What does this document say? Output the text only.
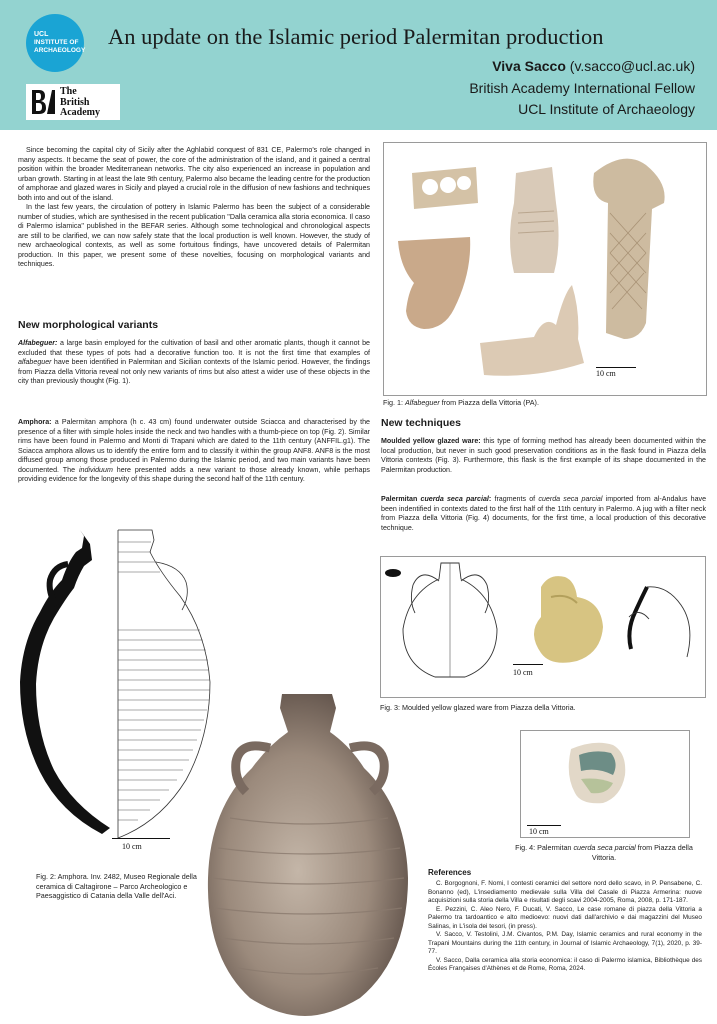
UCL
INSTITUTE OF ARCHAEOLOGY
The
British
Academy
An update on the Islamic period Palermitan production
Viva Sacco (v.sacco@ucl.ac.uk)
British Academy International Fellow
UCL Institute of Archaeology

Since becoming the capital city of Sicily after the Aghlabid conquest of 831 CE, Palermo's role changed in many aspects. It became the seat of power, the core of the administration of the island, and it gained a central position within the broader Mediterranean networks. The city also experienced an increase in population and urban growth. Starting in at least the late 9th century, Palermo also became the leading centre for the production of amphorae and glazed wares in Sicily and played a crucial role in the diffusion of new fashions and techniques both into and out of the island.

In the last few years, the circulation of pottery in Islamic Palermo has been the subject of a considerable number of studies, which are synthesised in the recent publication "Dalla ceramica alla storia economica. Il caso di Palermo islamica" published in the BEFAR series. Although some technological and chronological aspects are still to be clarified, we can now safely state that the local production is well known. However, the study of new archaeological contexts, as well as some fortuitous findings, have uncovered details of Palermitan production. In this paper, we present some of these novelties, focusing on morphological variants and techniques.

New morphological variants

Alfabeguer: a large basin employed for the cultivation of basil and other aromatic plants, though it cannot be excluded that these types of pots had a decorative function too. It is not the first time that examples of alfabeguer have been identified in Palermitan and Sicilian contexts of the Islamic period. However, the findings from Piazza della Vittoria reveal not only new variants of rims but also attest a wider use of these objects in the city than previously thought (Fig. 1).

Amphora: a Palermitan amphora (h c. 43 cm) found underwater outside Sciacca and characterised by the presence of a filter with simple holes inside the neck and two handles with a thumb-piece on top (Fig. 2). Similar rims have been found in Palermo and Monti di Trapani which are dated to the 11th century (ANFFIL.g1). The Sciacca amphora allows us to identify the entire form and to classify it within the group ANF8. ANF8 is the most diffused group among those produced in Palermo during the Islamic period, and two main variants have been documented. The individuum here presented adds a new variant to those already known, while perhaps providing evidence for the longevity of this shape during the second half of the 11th century.

10 cm
Fig. 2: Amphora. Inv. 2482, Museo Regionale della ceramica di Caltagirone – Parco Archeologico e Paesaggistico di Catania della Valle dell'Aci.
10 cm
Fig. 1: Alfabeguer from Piazza della Vittoria (PA).
New techniques

Moulded yellow glazed ware: this type of forming method has already been documented within the local production, but never in such good preservation conditions as in the flask found in Piazza della Vittoria contexts (Fig. 3). Furthermore, this flask is the first example of its shape documented in the Palermitan production.

Palermitan cuerda seca parcial: fragments of cuerda seca parcial imported from al-Andalus have been indentified in contexts dated to the first half of the 11th century in Palermo. A jug with a filter neck from Piazza della Vittoria (Fig. 4) documents, for the first time, a local production of this decorative technique.

10 cm
Fig. 3: Moulded yellow glazed ware from Piazza della Vittoria.
10 cm
Fig. 4: Palermitan cuerda seca parcial from Piazza della Vittoria.
References

C. Borgognoni, F. Nomi, I contesti ceramici del settore nord dello scavo, in P. Pensabene, C. Bonanno (ed), L'insediamento medievale sulla Villa del Casale di Piazza Armerina: nuove acquisizioni sulla storia della Villa e risultati degli scavi 2004-2005, Roma, 2008, p. 171-187.

E. Pezzini, C. Aleo Nero, F. Ducati, V. Sacco, Le case romane di piazza della Vittoria a Palermo tra tardoantico e alto medioevo: nuovi dati dall'archivio e dai magazzini del Museo Salinas, in L'isola dei tesori, (in press).

V. Sacco, V. Testolini, J.M. Civantos, P.M. Day, Islamic ceramics and rural economy in the Trapani Mountains during the 11th century, in Journal of Islamic Archaeology, 7(1), 2020, p. 39-77.

V. Sacco, Dalla ceramica alla storia economica: il caso di Palermo islamica, Bibliothèque des Écoles Françaises d'Athènes et de Rome, Roma, 2024.
